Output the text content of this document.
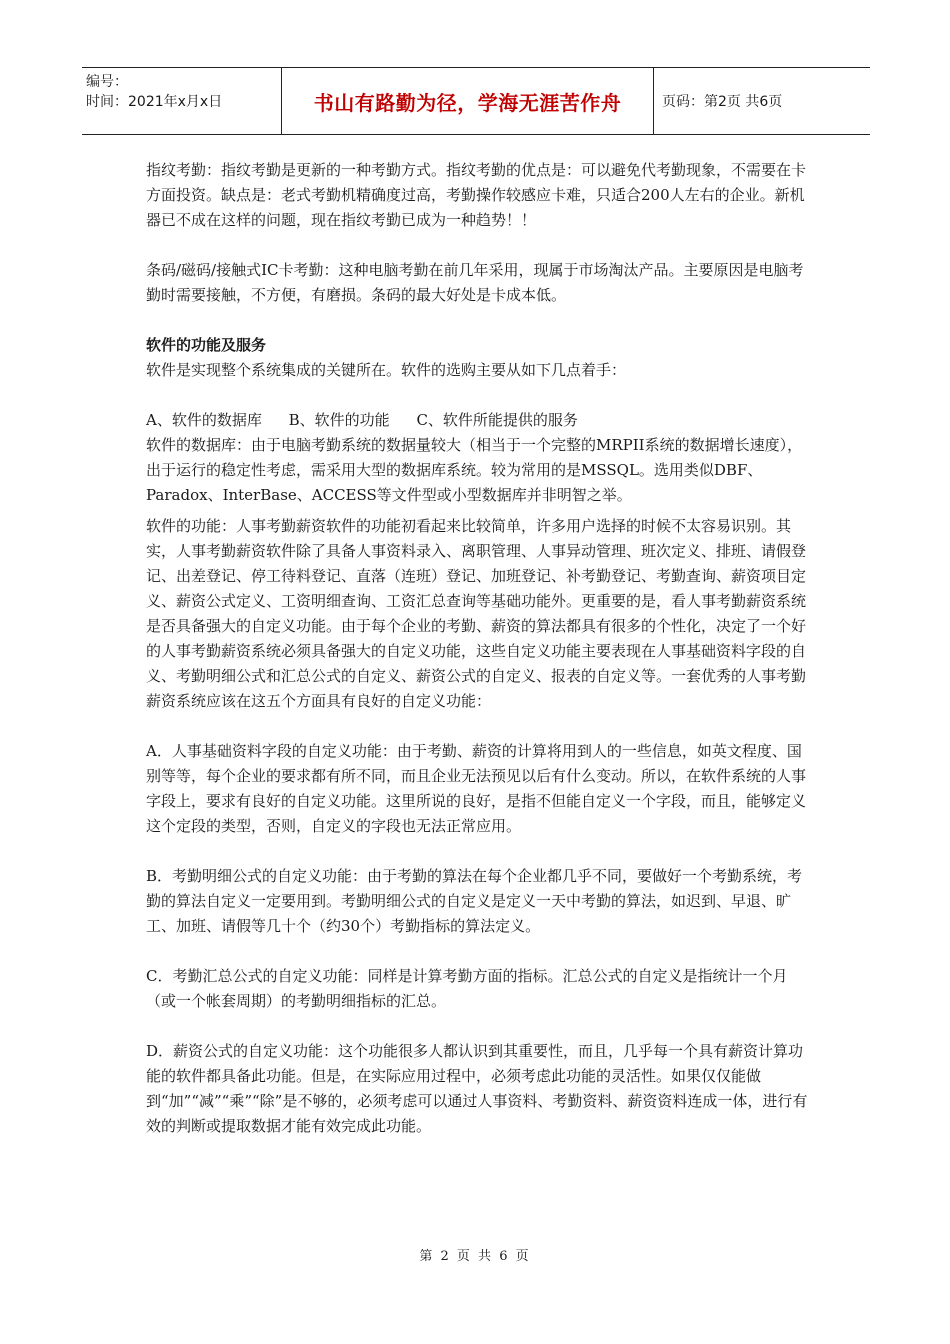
编号：
时间：2021年x月x日	书山有路勤为径，学海无涯苦作舟	页码：第2页 共6页

指纹考勤：指纹考勤是更新的一种考勤方式。指纹考勤的优点是：可以避免代考勤现象，不需要在卡方面投资。缺点是：老式考勤机精确度过高，考勤操作较感应卡难，只适合200人左右的企业。新机器已不成在这样的问题，现在指纹考勤已成为一种趋势！！

条码/磁码/接触式IC卡考勤：这种电脑考勤在前几年采用，现属于市场淘汰产品。主要原因是电脑考勤时需要接触，不方便，有磨损。条码的最大好处是卡成本低。

软件的功能及服务

软件是实现整个系统集成的关键所在。软件的选购主要从如下几点着手：

A、软件的数据库 B、软件的功能 C、软件所能提供的服务

软件的数据库：由于电脑考勤系统的数据量较大（相当于一个完整的MRPII系统的数据增长速度），出于运行的稳定性考虑，需采用大型的数据库系统。较为常用的是MSSQL。选用类似DBF、Paradox、InterBase、ACCESS等文件型或小型数据库并非明智之举。

软件的功能：人事考勤薪资软件的功能初看起来比较简单，许多用户选择的时候不太容易识别。其实，人事考勤薪资软件除了具备人事资料录入、离职管理、人事异动管理、班次定义、排班、请假登记、出差登记、停工待料登记、直落（连班）登记、加班登记、补考勤登记、考勤查询、薪资项目定义、薪资公式定义、工资明细查询、工资汇总查询等基础功能外。更重要的是，看人事考勤薪资系统是否具备强大的自定义功能。由于每个企业的考勤、薪资的算法都具有很多的个性化，决定了一个好的人事考勤薪资系统必须具备强大的自定义功能，这些自定义功能主要表现在人事基础资料字段的自义、考勤明细公式和汇总公式的自定义、薪资公式的自定义、报表的自定义等。一套优秀的人事考勤薪资系统应该在这五个方面具有良好的自定义功能：

A．人事基础资料字段的自定义功能：由于考勤、薪资的计算将用到人的一些信息，如英文程度、国别等等，每个企业的要求都有所不同，而且企业无法预见以后有什么变动。所以，在软件系统的人事字段上，要求有良好的自定义功能。这里所说的良好，是指不但能自定义一个字段，而且，能够定义这个定段的类型，否则，自定义的字段也无法正常应用。

B．考勤明细公式的自定义功能：由于考勤的算法在每个企业都几乎不同，要做好一个考勤系统，考勤的算法自定义一定要用到。考勤明细公式的自定义是定义一天中考勤的算法，如迟到、早退、旷工、加班、请假等几十个（约30个）考勤指标的算法定义。

C．考勤汇总公式的自定义功能：同样是计算考勤方面的指标。汇总公式的自定义是指统计一个月（或一个帐套周期）的考勤明细指标的汇总。

D．薪资公式的自定义功能：这个功能很多人都认识到其重要性，而且，几乎每一个具有薪资计算功能的软件都具备此功能。但是，在实际应用过程中，必须考虑此功能的灵活性。如果仅仅能做到“加”“减”“乘”“除”是不够的，必须考虑可以通过人事资料、考勤资料、薪资资料连成一体，进行有效的判断或提取数据才能有效完成此功能。

第 2 页 共 6 页
